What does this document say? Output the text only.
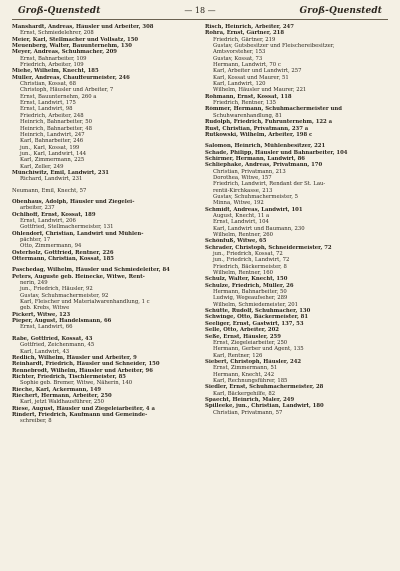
Groß-Quenstedt	— 18 —	Groß-Quenstedt
Manshardt, Andreas, Häusler und Arbeiter, 308
Ernst, Schmiedelehrer, 208
Meier, Karl, Stellmacher und Vollsatz, 150
Meuenberg, Walter, Bauunternehm, 130
Meyer, Andreas, Schuhmacher, 209
Ernst, Bahnarbeiter, 109
Friedrich, Arbeiter, 109
Miehe, Wilhelm, Knecht, 185
Müller, Andreas, Chauffeurmeister, 246
Christian, Kossat, 68
Christoph, Häusler und Arbeiter, 7
Ernst, Bauunternehm, 260 a
Ernst, Landwirt, 175
Ernst, Landwirt, 98
Friedrich, Arbeiter, 248
Heinrich, Bahnarbeiter, 50
Heinrich, Bahnarbeiter, 48
Heinrich, Landwirt, 247
Karl, Bahnarbeiter, 246
jun., Karl, Kossat, 199
jun., Karl, Landwirt, 144
Karl, Zimmermann, 225
Karl, Zeller, 249
Münchiwitz, Emil, Landwirt, 231
Richard, Landwirt, 231
Neumann, Emil, Knecht, 57
Obenhaus, Adolph, Häusler und Ziegelei-
arbeiter, 237
Ochlhoff, Ernst, Kossat, 189
Ernst, Landwirt, 206
Gottfried, Stellmachermeister, 131
Ohlendorf, Christian, Landwirt und Mühlen-
pächter, 17
Otto, Zimmermann, 94
Osterholz, Gottfried, Rentner, 226
Ottermann, Christian, Kossat, 185
Paschedag, Wilhelm, Häusler und Schmiedeleiter, 84
Peters, Auguste geb. Heinecke, Witwe, Rent-
nerin, 249
jun., Friedrich, Häusler, 92
Gustav, Schuhmachermeister, 92
Karl, Fleischer und Materialwarenhandlung, 1 c
geb. Krebs, Witwe
Pickert, Witwe, 123
Pieper, August, Handelsmann, 66
Ernst, Landwirt, 66
Rabe, Gottfried, Kossat, 43
Gottfried, Zeichenmann, 45
Karl, Landwirt, 43
Redlich, Wilhelm, Häusler und Arbeiter, 9
Reinhardt, Friedrich, Häusler und Schneider, 150
Rennebrodt, Wilhelm, Häusler und Arbeiter, 96
Richter, Friedrich, Tischlermeister, 85
Sophie geb. Bremer, Witwe, Näherin, 140
Rieche, Karl, Ackermann, 149
Riechert, Hermann, Arbeiter, 250
Karl, jetzt Waldhausführer, 250
Riese, August, Häusler und Ziegeleiarbeiter, 4 a
Rindert, Friedrich, Kaufmann und Gemeinde-
schreiber, 8
Risch, Heinrich, Arbeiter, 247
Rohra, Ernst, Gärtner, 218
Friedrich, Gärtner, 219
Gustav, Gutsbesitzer und Fleischereibesitzer,
Amtsvorsteher, 153
Gustav, Kossat, 73
Hermann, Landwirt, 70 c
Karl, Arbeiter und Landwirt, 257
Karl, Kossat und Maurer, 51
Karl, Landwirt, 120
Wilhelm, Häusler und Maurer, 221
Rohmann, Ernst, Kossat, 118
Friedrich, Rentner, 135
Römmer, Hermann, Schuhmachermeister und
Schuhwarenhandlung, 81
Rudolph, Friedrich, Fuhrunternehm, 122 a
Rust, Christian, Privatmann, 237 a
Rutkowski, Wilhelm, Arbeiter, 198 c
Salomon, Heinrich, Mühlenbesitzer, 221
Schade, Philipp, Häusler und Bahnarbeiter, 104
Schirmer, Hermann, Landwirt, 86
Schliephake, Andreas, Privatmann, 170
Christian, Privatmann, 213
Dorothea, Witwe, 157
Friedrich, Landwirt, Rendant der St. Lau-
rentii-Kirchkasse, 213
Gustav, Schuhmachermeister, 5
Minna, Witwe, 192
Schmidt, Andreas, Landwirt, 101
August, Knecht, 11 a
Ernst, Landwirt, 104
Karl, Landwirt und Baumann, 230
Wilhelm, Rentner, 260
Schönfuß, Witwe, 65
Schrader, Christoph, Schneidermeister, 72
jun., Friedrich, Kossat, 72
jun., Friedrich, Landwirt, 72
Friedrich, Bäckermeister, 8
Wilhelm, Rentner, 160
Schulz, Walter, Knecht, 150
Schulze, Friedrich, Müller, 26
Hermann, Bahnarbeiter, 50
Ludwig, Wegeaufseher, 289
Wilhelm, Schmiedemeister, 201
Schütte, Rudolf, Schuhmacher, 130
Schwinge, Otto, Bäckermeister, 81
Seeliger, Ernst, Gastwirt, 137, 53
Selle, Otto, Arbeiter, 202
Seße, Ernst, Häusler, 259
Ernst, Ziegeleiarbeiter, 250
Hermann, Gerber und Agent, 135
Karl, Rentner, 126
Siebert, Christoph, Häusler, 242
Ernst, Zimmermann, 51
Hermann, Knecht, 242
Karl, Rechnungsführer, 185
Siedler, Ernst, Schuhmachermeister, 28
Karl, Bäckergehilfe, 82
Spaecht, Heinrich, Maler, 249
Spilleeke, jun., Christian, Landwirt, 180
Christian, Privatmann, 57
